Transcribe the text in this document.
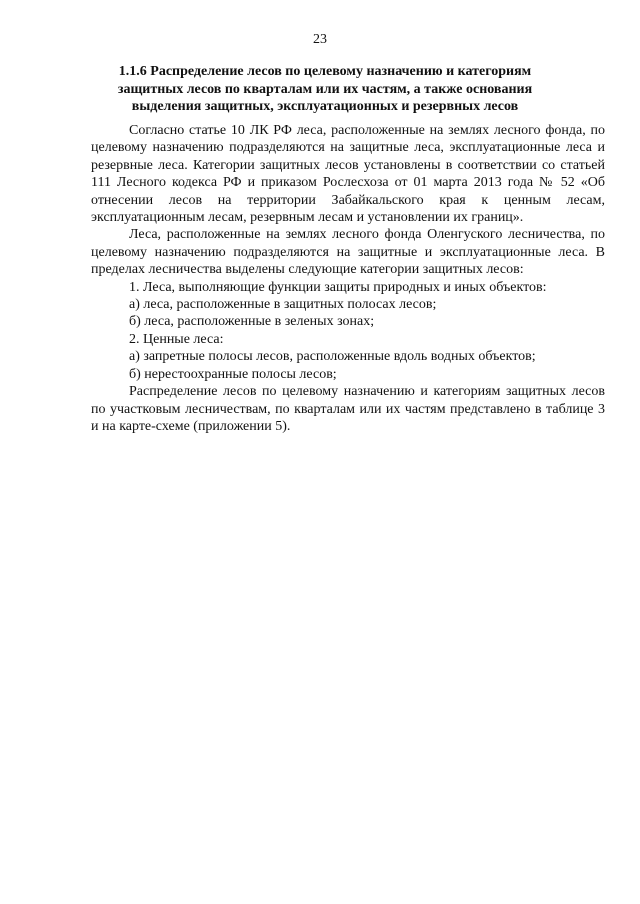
23
1.1.6 Распределение лесов по целевому назначению и категориям
защитных лесов по кварталам или их частям, а также основания
выделения защитных, эксплуатационных и резервных лесов

Согласно статье 10 ЛК РФ леса, расположенные на землях лесного фонда, по целевому назначению подразделяются на защитные леса, эксплуатационные леса и резервные леса. Категории защитных лесов установлены в соответствии со статьей 111 Лесного кодекса РФ и приказом Рослесхоза от 01 марта 2013 года № 52 «Об отнесении лесов на территории Забайкальского края к ценным лесам, эксплуатационным лесам, резервным лесам и установлении их границ».

Леса, расположенные на землях лесного фонда Оленгуского лесничества, по целевому назначению подразделяются на защитные и эксплуатационные леса. В пределах лесничества выделены следующие категории защитных лесов:

1. Леса, выполняющие функции защиты природных и иных объектов:

а) леса, расположенные в защитных полосах лесов;

б) леса, расположенные в зеленых зонах;

2. Ценные леса:

а) запретные полосы лесов, расположенные вдоль водных объектов;

б) нерестоохранные полосы лесов;

Распределение лесов по целевому назначению и категориям защитных лесов по участковым лесничествам, по кварталам или их частям представлено в таблице 3 и на карте-схеме (приложении 5).
